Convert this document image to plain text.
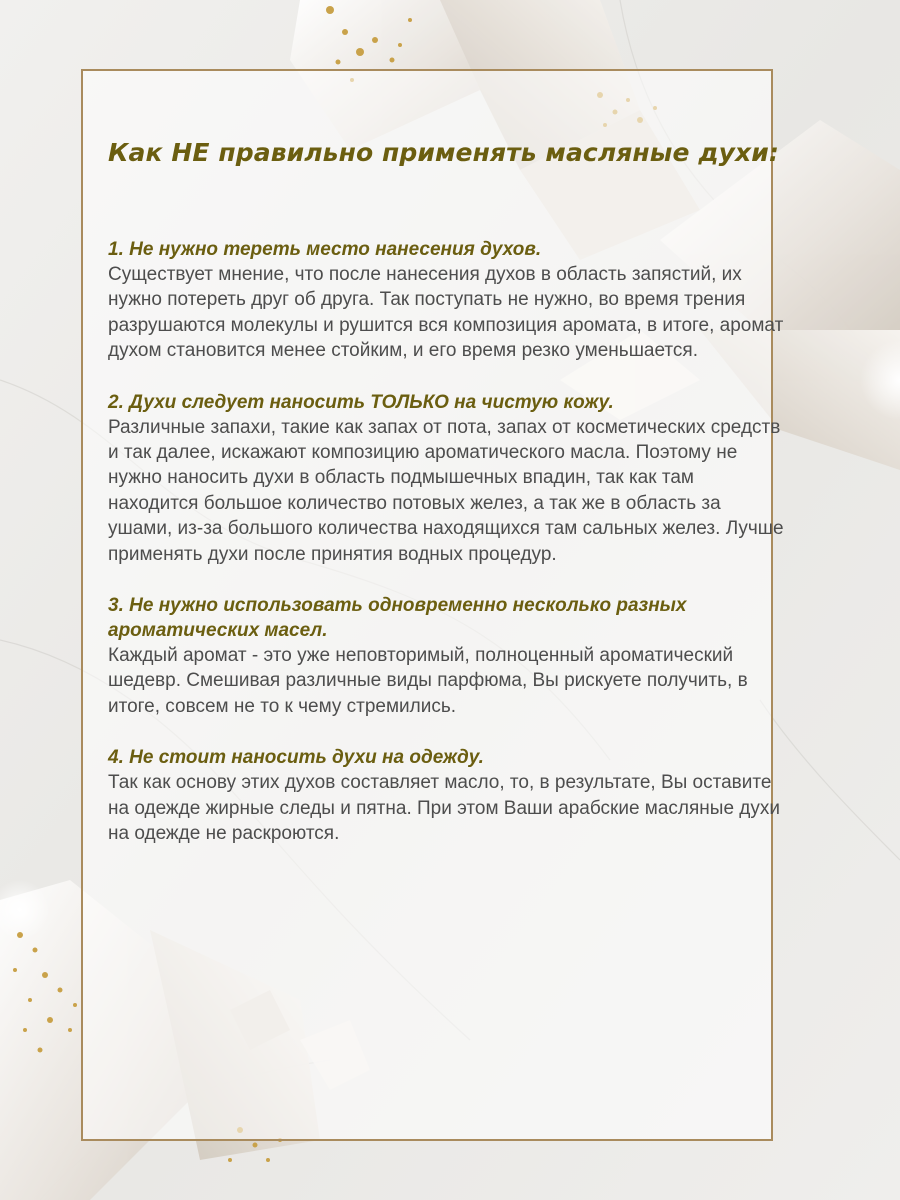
Как НЕ правильно применять масляные духи:

1. Не нужно тереть место нанесения духов.

Существует мнение, что после нанесения духов в область запястий, их нужно потереть друг об друга. Так поступать не нужно, во время трения разрушаются молекулы и рушится вся композиция аромата, в итоге, аромат духом становится менее стойким, и его время резко уменьшается.

2. Духи следует наносить ТОЛЬКО на чистую кожу.

Различные запахи, такие как запах от пота, запах от косметических средств и так далее, искажают композицию ароматического масла. Поэтому не нужно наносить духи в область подмышечных впадин, так как там находится большое количество потовых желез, а так же в область за ушами, из-за большого количества находящихся там сальных желез. Лучше применять духи после принятия водных процедур.

3. Не нужно использовать одновременно несколько разных ароматических масел.

Каждый аромат - это уже неповторимый, полноценный ароматический шедевр. Смешивая различные виды парфюма, Вы рискуете получить, в итоге, совсем не то к чему стремились.

4. Не стоит наносить духи на одежду.

Так как основу этих духов составляет масло, то, в результате, Вы оставите на одежде жирные следы и пятна. При этом Ваши арабские масляные духи на одежде не раскроются.
